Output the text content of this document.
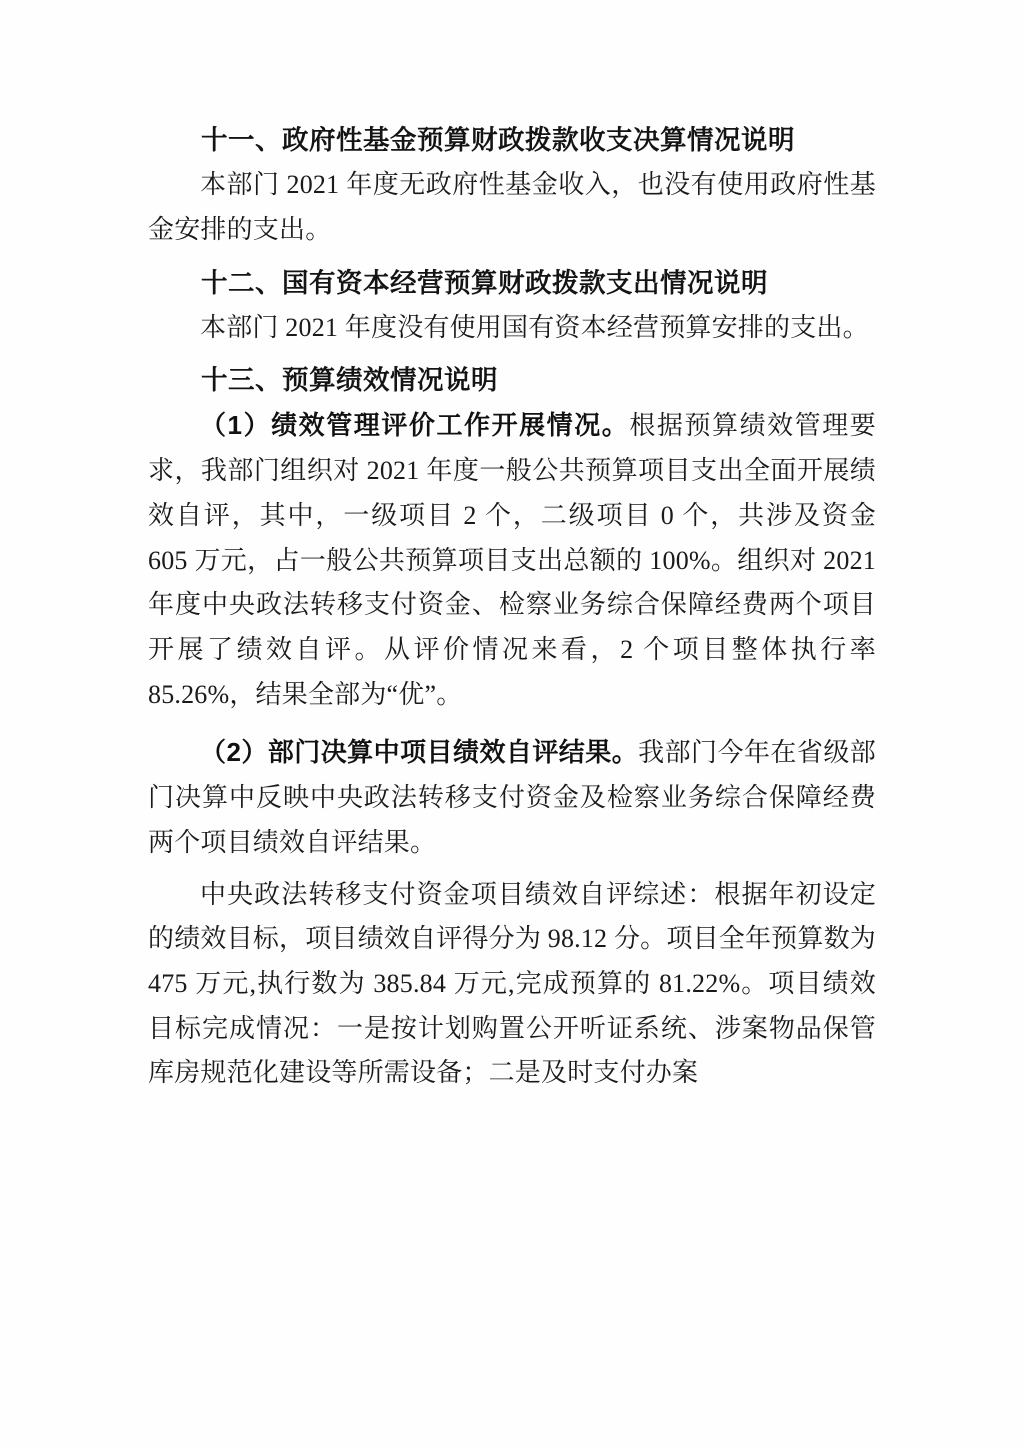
十一、政府性基金预算财政拨款收支决算情况说明

本部门 2021 年度无政府性基金收入，也没有使用政府性基金安排的支出。

十二、国有资本经营预算财政拨款支出情况说明

本部门 2021 年度没有使用国有资本经营预算安排的支出。

十三、预算绩效情况说明

（1）绩效管理评价工作开展情况。根据预算绩效管理要求，我部门组织对 2021 年度一般公共预算项目支出全面开展绩效自评，其中，一级项目 2 个，二级项目 0 个，共涉及资金 605 万元，占一般公共预算项目支出总额的 100%。组织对 2021 年度中央政法转移支付资金、检察业务综合保障经费两个项目开展了绩效自评。从评价情况来看，2 个项目整体执行率 85.26%，结果全部为“优”。

（2）部门决算中项目绩效自评结果。我部门今年在省级部门决算中反映中央政法转移支付资金及检察业务综合保障经费两个项目绩效自评结果。

中央政法转移支付资金项目绩效自评综述：根据年初设定的绩效目标，项目绩效自评得分为 98.12 分。项目全年预算数为 475 万元,执行数为 385.84 万元,完成预算的 81.22%。项目绩效目标完成情况：一是按计划购置公开听证系统、涉案物品保管库房规范化建设等所需设备；二是及时支付办案
